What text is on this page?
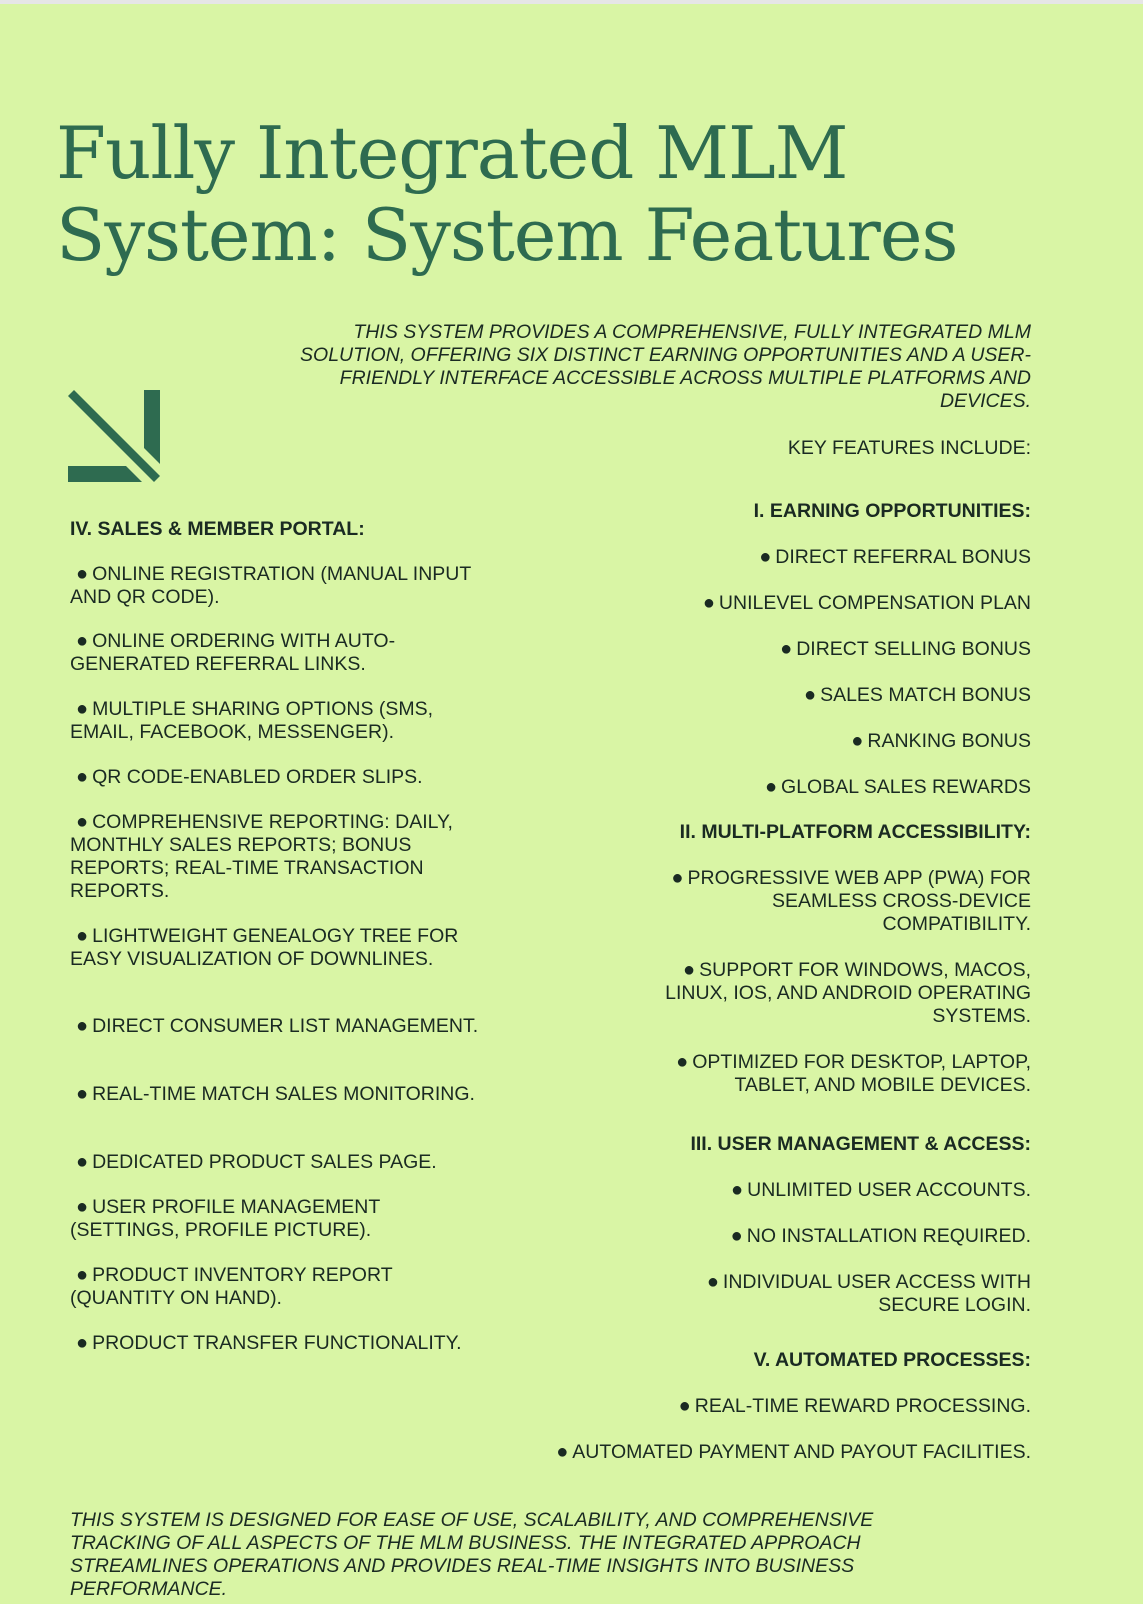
Fully Integrated MLM
System: System Features

THIS SYSTEM PROVIDES A COMPREHENSIVE, FULLY INTEGRATED MLM SOLUTION, OFFERING SIX DISTINCT EARNING OPPORTUNITIES AND A USER-FRIENDLY INTERFACE ACCESSIBLE ACROSS MULTIPLE PLATFORMS AND DEVICES.

KEY FEATURES INCLUDE:

IV. SALES & MEMBER PORTAL:

● ONLINE REGISTRATION (MANUAL INPUT AND QR CODE).

● ONLINE ORDERING WITH AUTO-GENERATED REFERRAL LINKS.

● MULTIPLE SHARING OPTIONS (SMS, EMAIL, FACEBOOK, MESSENGER).

● QR CODE-ENABLED ORDER SLIPS.

● COMPREHENSIVE REPORTING: DAILY, MONTHLY SALES REPORTS; BONUS REPORTS; REAL-TIME TRANSACTION REPORTS.

● LIGHTWEIGHT GENEALOGY TREE FOR EASY VISUALIZATION OF DOWNLINES.

● DIRECT CONSUMER LIST MANAGEMENT.

● REAL-TIME MATCH SALES MONITORING.

● DEDICATED PRODUCT SALES PAGE.

● USER PROFILE MANAGEMENT (SETTINGS, PROFILE PICTURE).

● PRODUCT INVENTORY REPORT (QUANTITY ON HAND).

● PRODUCT TRANSFER FUNCTIONALITY.

I. EARNING OPPORTUNITIES:

● DIRECT REFERRAL BONUS

● UNILEVEL COMPENSATION PLAN

● DIRECT SELLING BONUS

● SALES MATCH BONUS

● RANKING BONUS

● GLOBAL SALES REWARDS

II. MULTI-PLATFORM ACCESSIBILITY:

● PROGRESSIVE WEB APP (PWA) FOR SEAMLESS CROSS-DEVICE COMPATIBILITY.

● SUPPORT FOR WINDOWS, MACOS, LINUX, IOS, AND ANDROID OPERATING SYSTEMS.

● OPTIMIZED FOR DESKTOP, LAPTOP, TABLET, AND MOBILE DEVICES.

III. USER MANAGEMENT & ACCESS:

● UNLIMITED USER ACCOUNTS.

● NO INSTALLATION REQUIRED.

● INDIVIDUAL USER ACCESS WITH SECURE LOGIN.

V. AUTOMATED PROCESSES:

● REAL-TIME REWARD PROCESSING.

● AUTOMATED PAYMENT AND PAYOUT FACILITIES.

THIS SYSTEM IS DESIGNED FOR EASE OF USE, SCALABILITY, AND COMPREHENSIVE TRACKING OF ALL ASPECTS OF THE MLM BUSINESS. THE INTEGRATED APPROACH STREAMLINES OPERATIONS AND PROVIDES REAL-TIME INSIGHTS INTO BUSINESS PERFORMANCE.
